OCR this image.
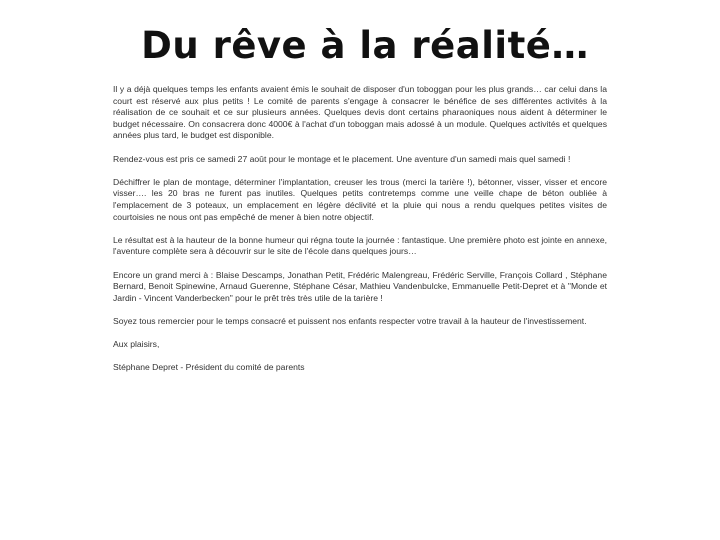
Du rêve à la réalité…

Il y a déjà quelques temps les enfants avaient émis le souhait de disposer d'un toboggan pour les plus grands… car celui dans la court est réservé aux plus petits ! Le comité de parents s'engage à consacrer le bénéfice de ses différentes activités à la réalisation de ce souhait et ce sur plusieurs années. Quelques devis dont certains pharaoniques nous aident à déterminer le budget nécessaire. On consacrera donc 4000€ à l'achat d'un toboggan mais adossé à un module. Quelques activités et quelques années plus tard, le budget est disponible.

Rendez-vous est pris ce samedi 27 août pour le montage et le placement. Une aventure d'un samedi mais quel samedi !

Déchiffrer le plan de montage, déterminer l'implantation, creuser les trous (merci la tarière !), bétonner, visser, visser et encore visser…. les 20 bras ne furent pas inutiles. Quelques petits contretemps comme une veille chape de béton oubliée à l'emplacement de 3 poteaux, un emplacement en légère déclivité et la pluie qui nous a rendu quelques petites visites de courtoisies ne nous ont pas empêché de mener à bien notre objectif.

Le résultat est à la hauteur de la bonne humeur qui régna toute la journée : fantastique. Une première photo est jointe en annexe, l'aventure complète sera à découvrir sur le site de l'école dans quelques jours…

Encore un grand merci à : Blaise Descamps, Jonathan Petit, Frédéric Malengreau, Frédéric Serville, François Collard , Stéphane Bernard, Benoit Spinewine, Arnaud Guerenne, Stéphane César, Mathieu Vandenbulcke, Emmanuelle Petit-Depret et à "Monde et Jardin - Vincent Vanderbecken" pour le prêt très très utile de la tarière !

Soyez tous remercier pour le temps consacré et puissent nos enfants respecter votre travail à la hauteur de l'investissement.

Aux plaisirs,

Stéphane Depret - Président du comité de parents
